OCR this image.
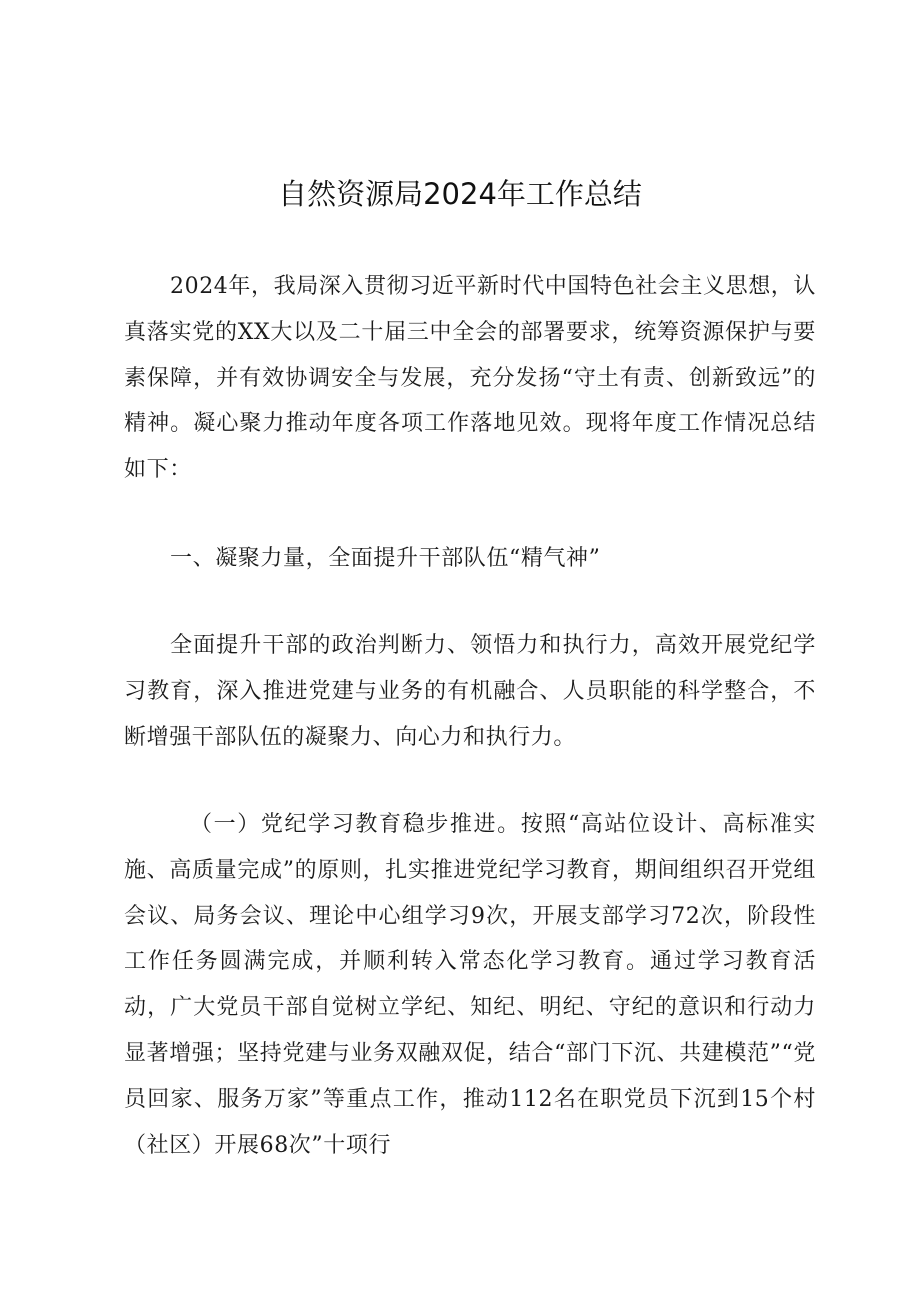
自然资源局2024年工作总结

2024年，我局深入贯彻习近平新时代中国特色社会主义思想，认真落实党的XX大以及二十届三中全会的部署要求，统筹资源保护与要素保障，并有效协调安全与发展，充分发扬“守土有责、创新致远”的精神。凝心聚力推动年度各项工作落地见效。现将年度工作情况总结如下：

一、凝聚力量，全面提升干部队伍“精气神”

全面提升干部的政治判断力、领悟力和执行力，高效开展党纪学习教育，深入推进党建与业务的有机融合、人员职能的科学整合，不断增强干部队伍的凝聚力、向心力和执行力。

（一）党纪学习教育稳步推进。按照“高站位设计、高标准实施、高质量完成”的原则，扎实推进党纪学习教育，期间组织召开党组会议、局务会议、理论中心组学习9次，开展支部学习72次，阶段性工作任务圆满完成，并顺利转入常态化学习教育。通过学习教育活动，广大党员干部自觉树立学纪、知纪、明纪、守纪的意识和行动力显著增强；坚持党建与业务双融双促，结合“部门下沉、共建模范”“党员回家、服务万家”等重点工作，推动112名在职党员下沉到15个村（社区）开展68次”十项行
